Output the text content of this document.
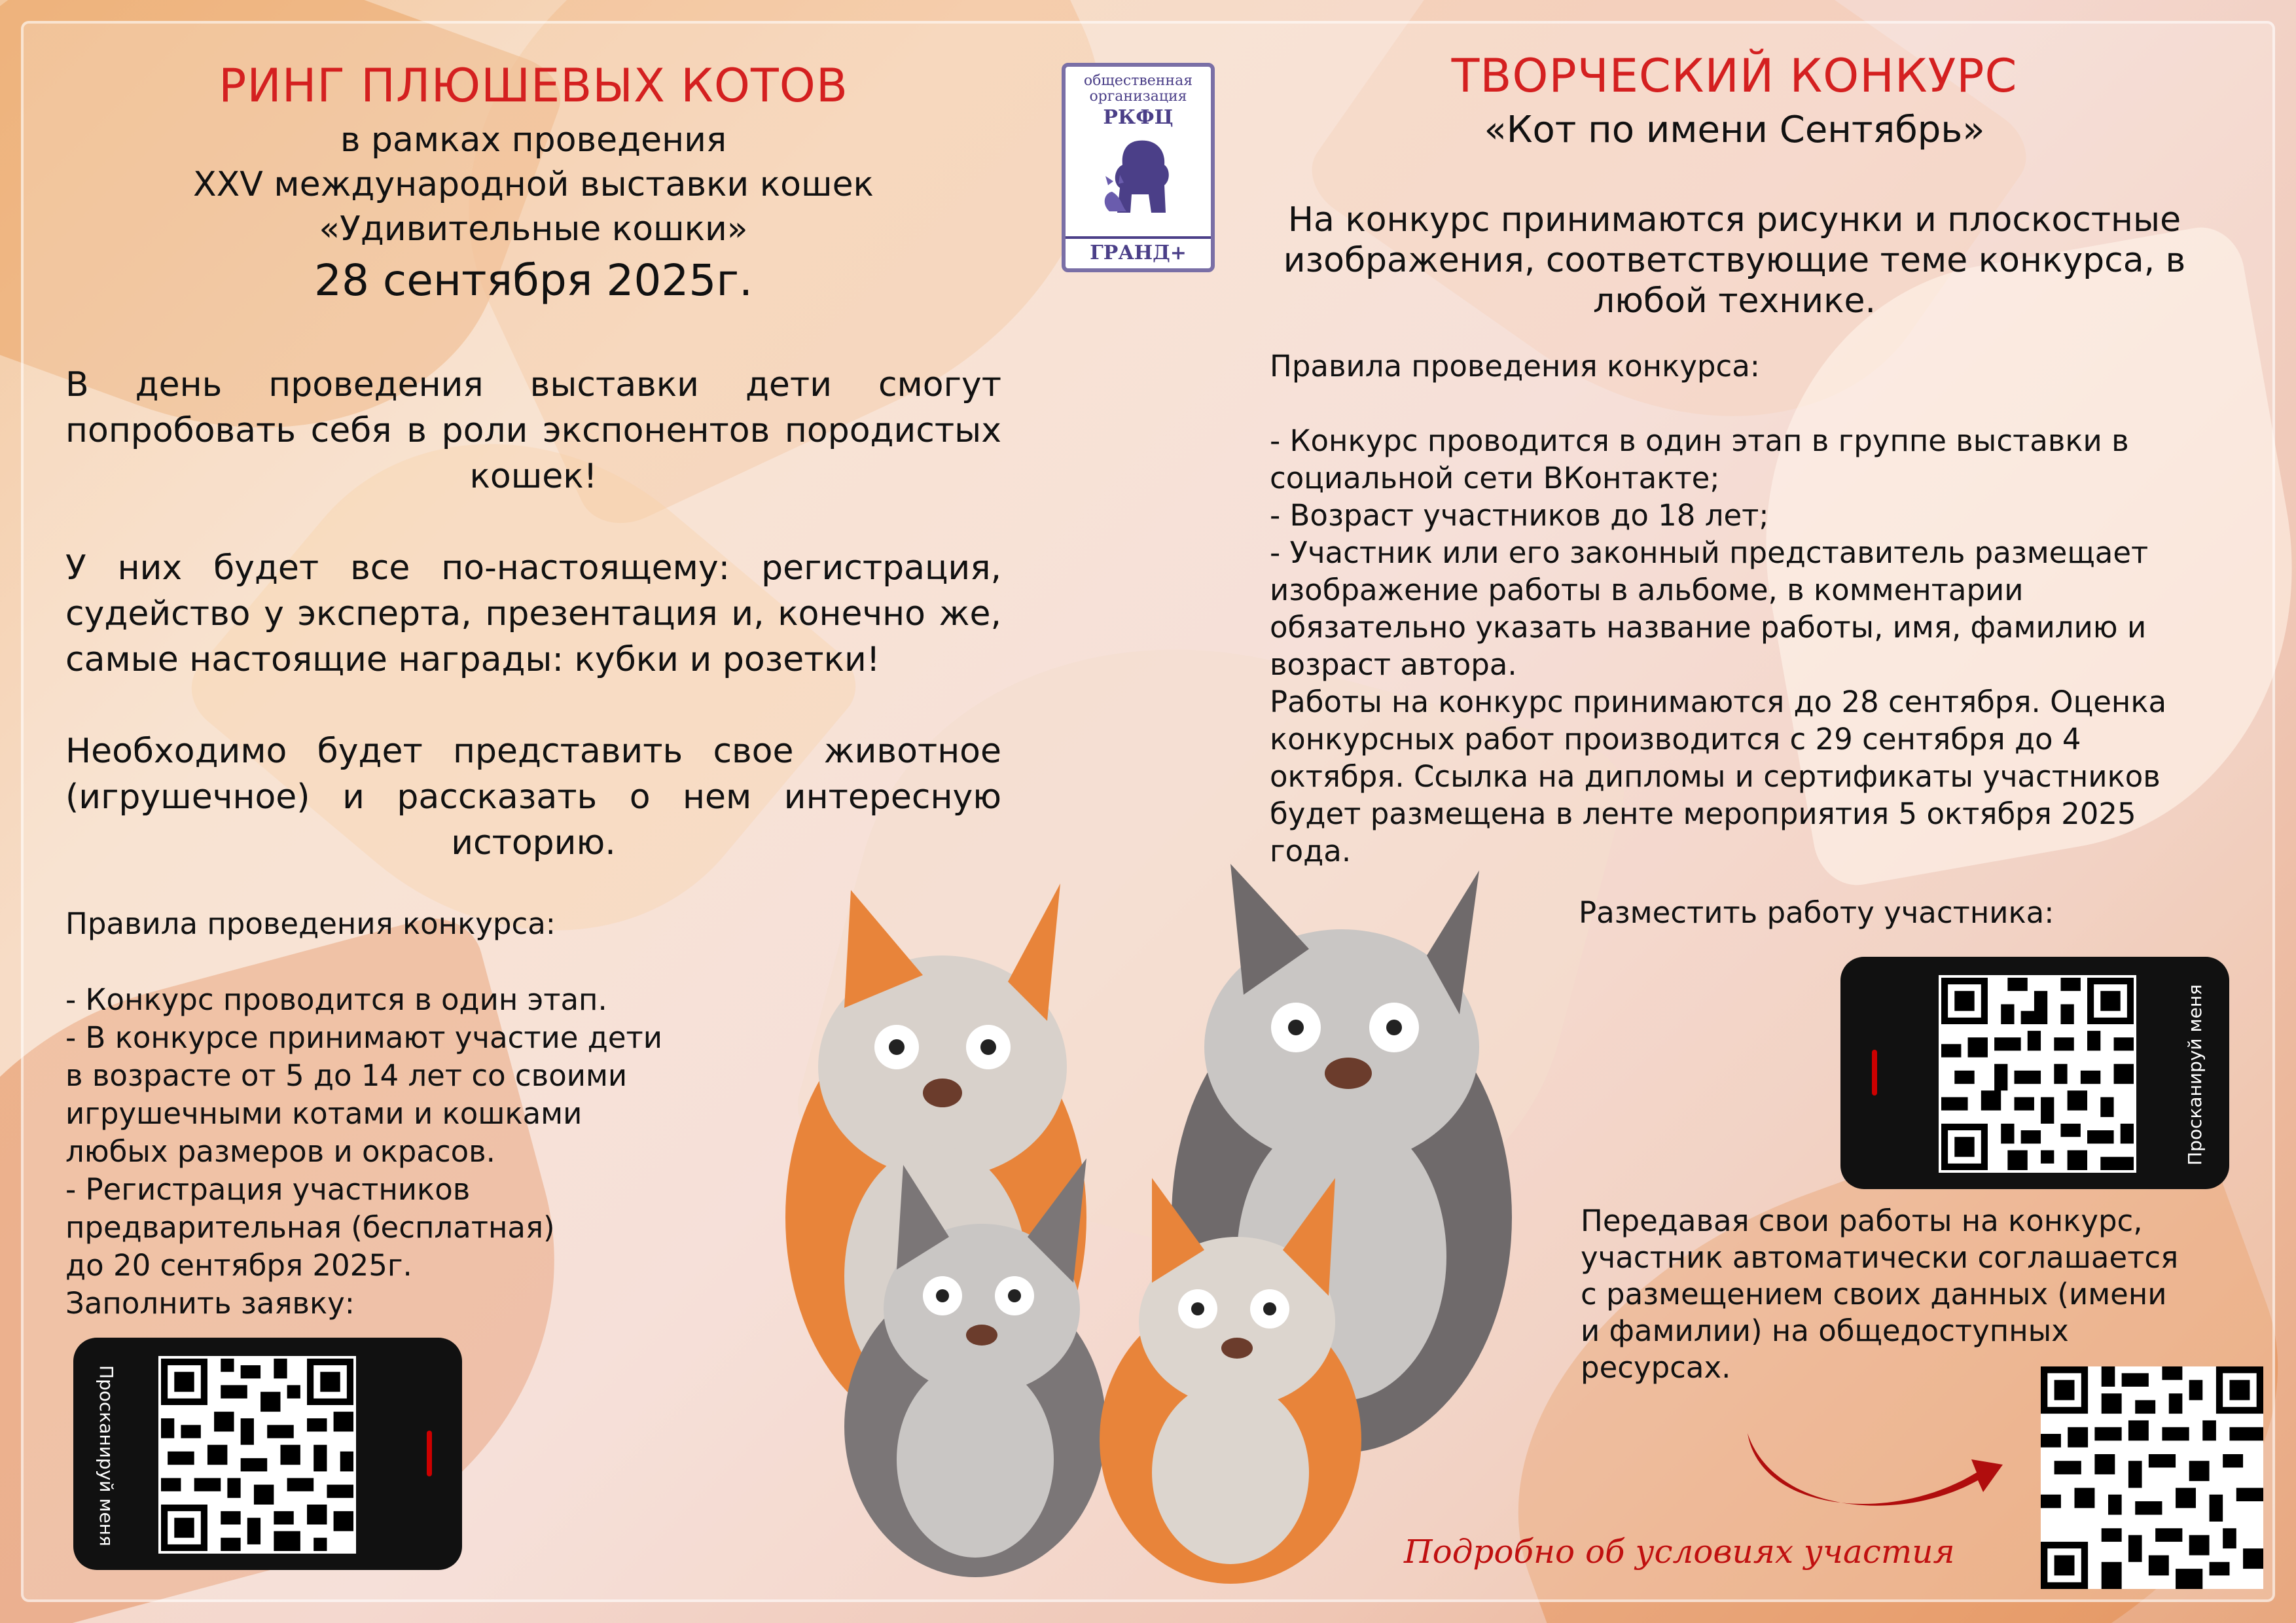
РИНГ ПЛЮШЕВЫХ КОТОВ
в рамках проведения
XXV международной выставки кошек
«Удивительные кошки»
28 сентября 2025г.

В день проведения выставки дети смогут попробовать себя в роли экспонентов породистых кошек!

У них будет все по-настоящему: регистрация, судейство у эксперта, презентация и, конечно же, самые настоящие награды: кубки и розетки!

Необходимо будет представить свое животное (игрушечное) и рассказать о нем интересную историю.

Правила проведения конкурса:
- Конкурс проводится в один этап.
- В конкурсе принимают участие дети
в возрасте от 5 до 14 лет со своими
игрушечными котами и кошками
любых размеров и окрасов.
- Регистрация участников
предварительная (бесплатная)
до 20 сентября 2025г.
Заполнить заявку:
общественная
организация
РКФЦ
ГРАНД+
ТВОРЧЕСКИЙ КОНКУРС
«Кот по имени Сентябрь»

На конкурс принимаются рисунки и плоскостные изображения, соответствующие теме конкурса, в любой технике.

Правила проведения конкурса:
- Конкурс проводится в один этап в группе выставки в
социальной сети ВКонтакте;
- Возраст участников до 18 лет;
- Участник или его законный представитель размещает
изображение работы в альбоме, в комментарии
обязательно указать название работы, имя, фамилию и
возраст автора.
Работы на конкурс принимаются до 28 сентября. Оценка
конкурсных работ производится с 29 сентября до 4
октября. Ссылка на дипломы и сертификаты участников
будет размещена в ленте мероприятия 5 октября 2025
года.
Разместить работу участника:
Передавая свои работы на конкурс,
участник автоматически соглашается
с размещением своих данных (имени
и фамилии) на общедоступных
ресурсах.
Просканируй меня
Просканируй меня
Подробно об условиях участия
